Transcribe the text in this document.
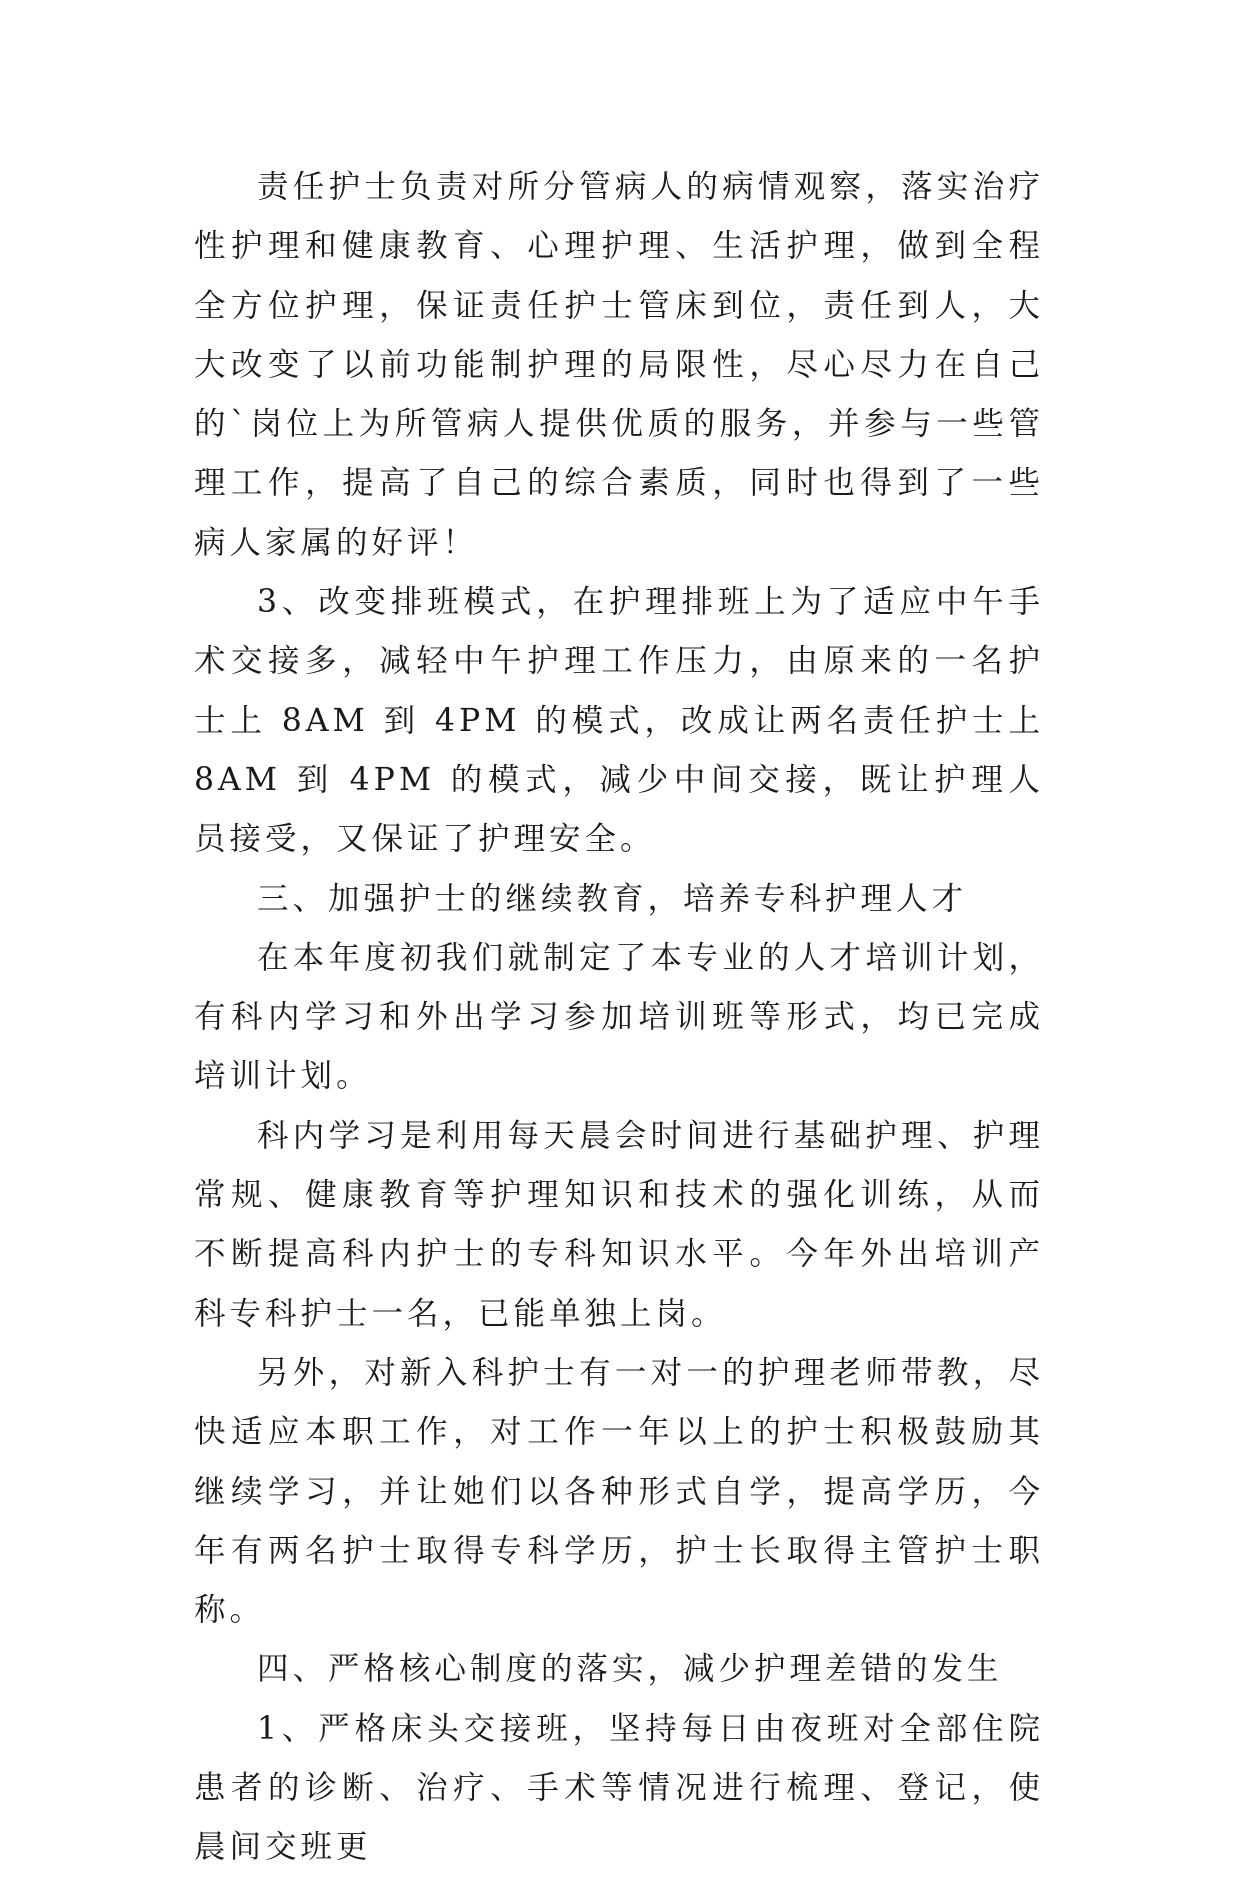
责任护士负责对所分管病人的病情观察，落实治疗性护理和健康教育、心理护理、生活护理，做到全程全方位护理，保证责任护士管床到位，责任到人，大大改变了以前功能制护理的局限性，尽心尽力在自己的`岗位上为所管病人提供优质的服务，并参与一些管理工作，提高了自己的综合素质，同时也得到了一些病人家属的好评！

3、改变排班模式，在护理排班上为了适应中午手术交接多，减轻中午护理工作压力，由原来的一名护士上 8AM 到 4PM 的模式，改成让两名责任护士上 8AM 到 4PM 的模式，减少中间交接，既让护理人员接受，又保证了护理安全。

三、加强护士的继续教育，培养专科护理人才

在本年度初我们就制定了本专业的人才培训计划，有科内学习和外出学习参加培训班等形式，均已完成培训计划。

科内学习是利用每天晨会时间进行基础护理、护理常规、健康教育等护理知识和技术的强化训练，从而不断提高科内护士的专科知识水平。今年外出培训产科专科护士一名，已能单独上岗。

另外，对新入科护士有一对一的护理老师带教，尽快适应本职工作，对工作一年以上的护士积极鼓励其继续学习，并让她们以各种形式自学，提高学历，今年有两名护士取得专科学历，护士长取得主管护士职称。

四、严格核心制度的落实，减少护理差错的发生

1、严格床头交接班，坚持每日由夜班对全部住院患者的诊断、治疗、手术等情况进行梳理、登记，使晨间交班更
